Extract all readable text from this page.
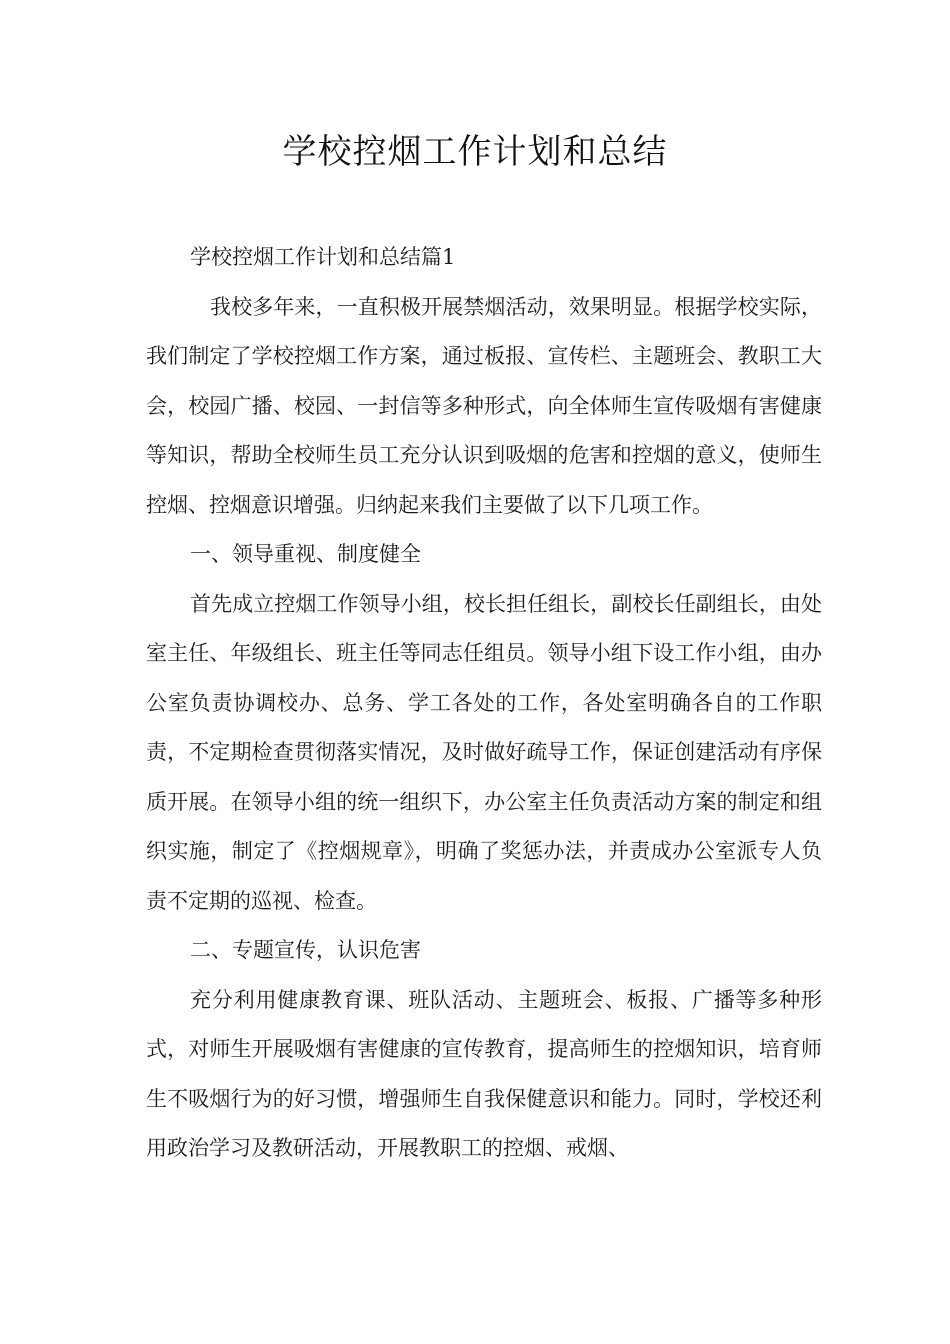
学校控烟工作计划和总结

学校控烟工作计划和总结篇1

我校多年来，一直积极开展禁烟活动，效果明显。根据学校实际，我们制定了学校控烟工作方案，通过板报、宣传栏、主题班会、教职工大会，校园广播、校园、一封信等多种形式，向全体师生宣传吸烟有害健康等知识，帮助全校师生员工充分认识到吸烟的危害和控烟的意义，使师生控烟、控烟意识增强。归纳起来我们主要做了以下几项工作。

一、领导重视、制度健全

首先成立控烟工作领导小组，校长担任组长，副校长任副组长，由处室主任、年级组长、班主任等同志任组员。领导小组下设工作小组，由办公室负责协调校办、总务、学工各处的工作，各处室明确各自的工作职责，不定期检查贯彻落实情况，及时做好疏导工作，保证创建活动有序保质开展。在领导小组的统一组织下，办公室主任负责活动方案的制定和组织实施，制定了《控烟规章》，明确了奖惩办法，并责成办公室派专人负责不定期的巡视、检查。

二、专题宣传，认识危害

充分利用健康教育课、班队活动、主题班会、板报、广播等多种形式，对师生开展吸烟有害健康的宣传教育，提高师生的控烟知识，培育师生不吸烟行为的好习惯，增强师生自我保健意识和能力。同时，学校还利用政治学习及教研活动，开展教职工的控烟、戒烟、
